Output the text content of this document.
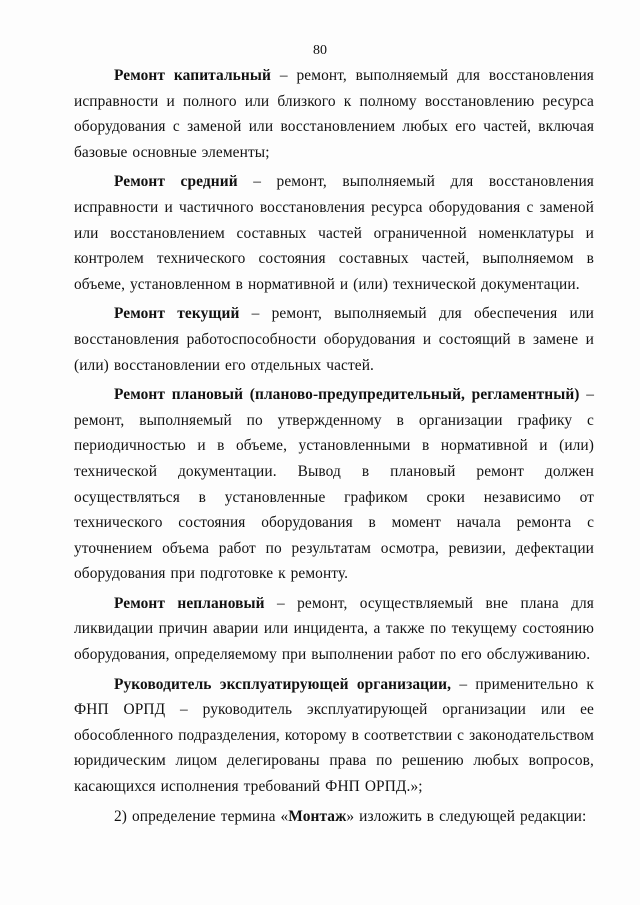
80

Ремонт капитальный – ремонт, выполняемый для восстановления исправности и полного или близкого к полному восстановлению ресурса оборудования с заменой или восстановлением любых его частей, включая базовые основные элементы;

Ремонт средний – ремонт, выполняемый для восстановления исправности и частичного восстановления ресурса оборудования с заменой или восстановлением составных частей ограниченной номенклатуры и контролем технического состояния составных частей, выполняемом в объеме, установленном в нормативной и (или) технической документации.

Ремонт текущий – ремонт, выполняемый для обеспечения или восстановления работоспособности оборудования и состоящий в замене и (или) восстановлении его отдельных частей.

Ремонт плановый (планово-предупредительный, регламентный) – ремонт, выполняемый по утвержденному в организации графику с периодичностью и в объеме, установленными в нормативной и (или) технической документации. Вывод в плановый ремонт должен осуществляться в установленные графиком сроки независимо от технического состояния оборудования в момент начала ремонта с уточнением объема работ по результатам осмотра, ревизии, дефектации оборудования при подготовке к ремонту.

Ремонт неплановый – ремонт, осуществляемый вне плана для ликвидации причин аварии или инцидента, а также по текущему состоянию оборудования, определяемому при выполнении работ по его обслуживанию.

Руководитель эксплуатирующей организации, – применительно к ФНП ОРПД – руководитель эксплуатирующей организации или ее обособленного подразделения, которому в соответствии с законодательством юридическим лицом делегированы права по решению любых вопросов, касающихся исполнения требований ФНП ОРПД.»;

2) определение термина «Монтаж» изложить в следующей редакции:
